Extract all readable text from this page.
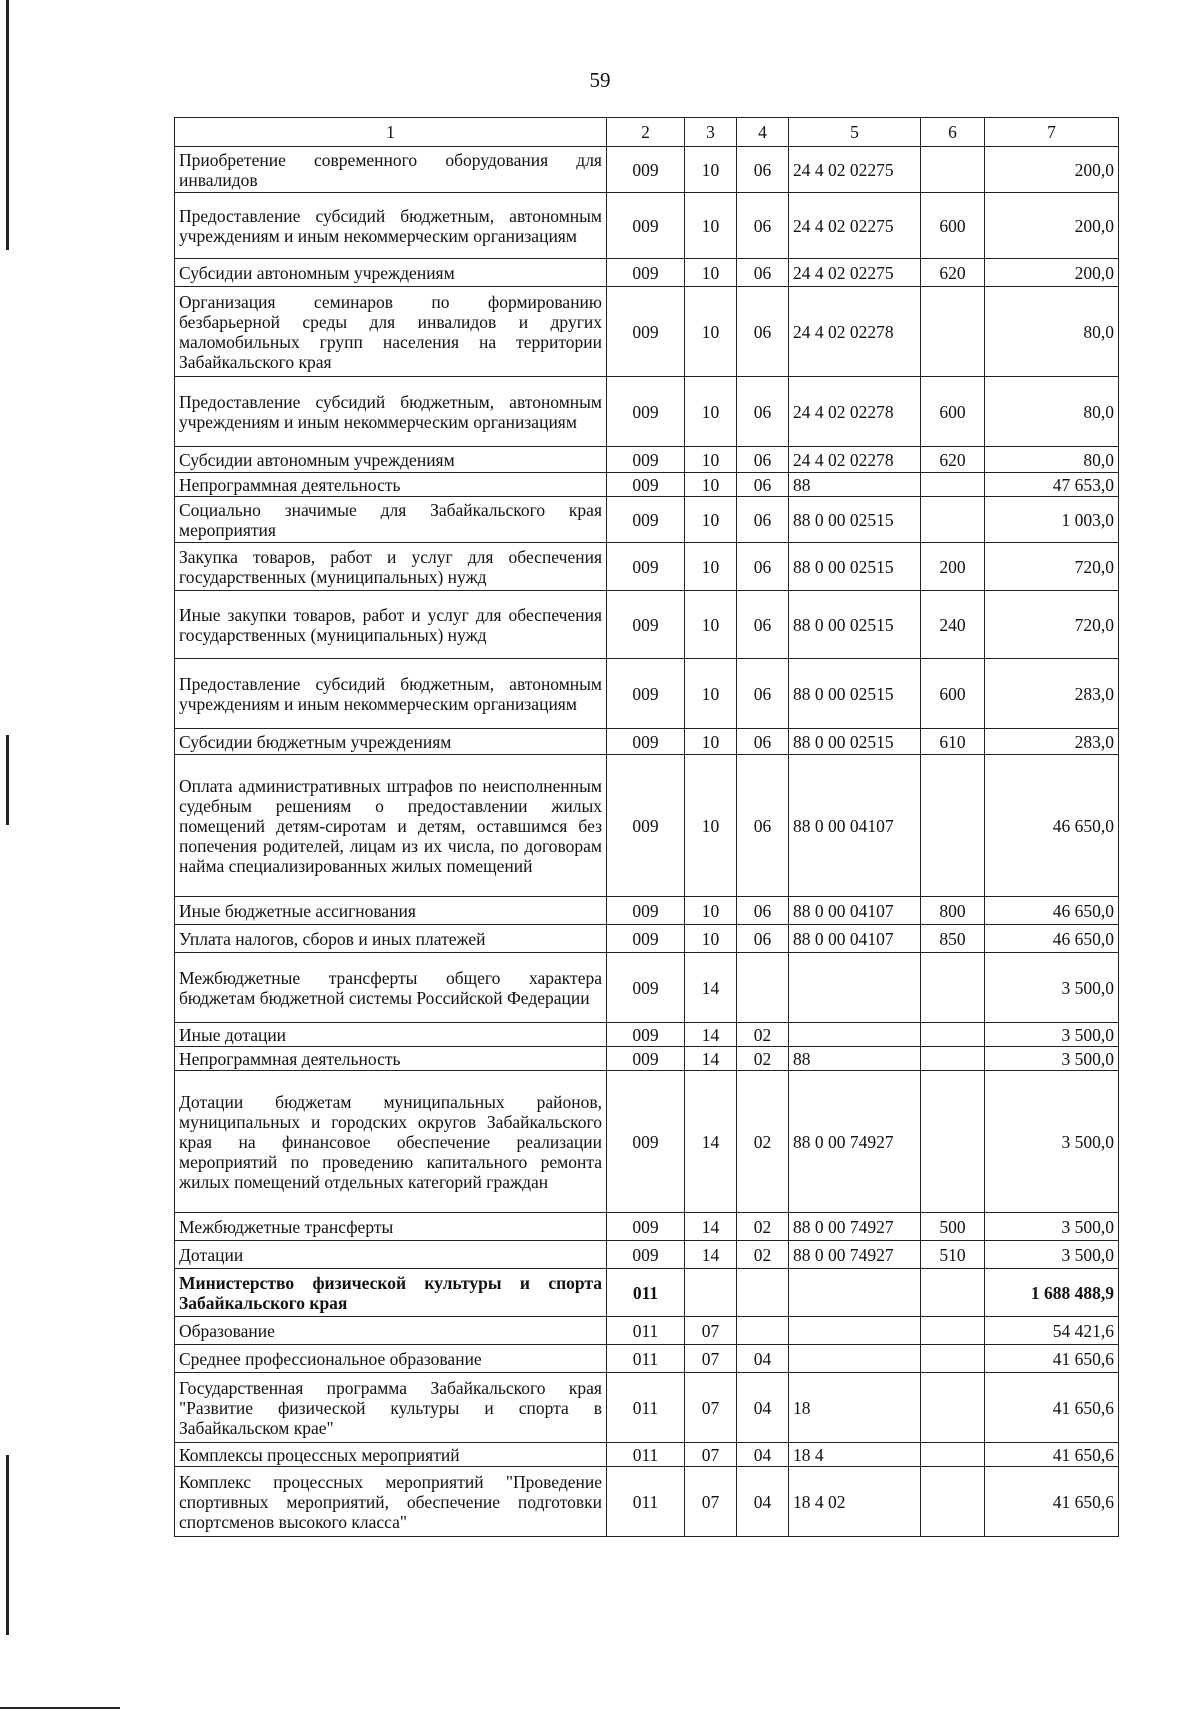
59
1	2	3	4	5	6	7
Приобретение современного оборудования для инвалидов	009	10	06	24 4 02 02275		200,0
Предоставление субсидий бюджетным, автономным учреждениям и иным некоммерческим организациям	009	10	06	24 4 02 02275	600	200,0
Субсидии автономным учреждениям	009	10	06	24 4 02 02275	620	200,0
Организация семинаров по формированию безбарьерной среды для инвалидов и других маломобильных групп населения на территории Забайкальского края	009	10	06	24 4 02 02278		80,0
Предоставление субсидий бюджетным, автономным учреждениям и иным некоммерческим организациям	009	10	06	24 4 02 02278	600	80,0
Субсидии автономным учреждениям	009	10	06	24 4 02 02278	620	80,0
Непрограммная деятельность	009	10	06	88		47 653,0
Социально значимые для Забайкальского края мероприятия	009	10	06	88 0 00 02515		1 003,0
Закупка товаров, работ и услуг для обеспечения государственных (муниципальных) нужд	009	10	06	88 0 00 02515	200	720,0
Иные закупки товаров, работ и услуг для обеспечения государственных (муниципальных) нужд	009	10	06	88 0 00 02515	240	720,0
Предоставление субсидий бюджетным, автономным учреждениям и иным некоммерческим организациям	009	10	06	88 0 00 02515	600	283,0
Субсидии бюджетным учреждениям	009	10	06	88 0 00 02515	610	283,0
Оплата административных штрафов по неисполненным судебным решениям о предоставлении жилых помещений детям-сиротам и детям, оставшимся без попечения родителей, лицам из их числа, по договорам найма специализированных жилых помещений	009	10	06	88 0 00 04107		46 650,0
Иные бюджетные ассигнования	009	10	06	88 0 00 04107	800	46 650,0
Уплата налогов, сборов и иных платежей	009	10	06	88 0 00 04107	850	46 650,0
Межбюджетные трансферты общего характера бюджетам бюджетной системы Российской Федерации	009	14				3 500,0
Иные дотации	009	14	02			3 500,0
Непрограммная деятельность	009	14	02	88		3 500,0
Дотации бюджетам муниципальных районов, муниципальных и городских округов Забайкальского края на финансовое обеспечение реализации мероприятий по проведению капитального ремонта жилых помещений отдельных категорий граждан	009	14	02	88 0 00 74927		3 500,0
Межбюджетные трансферты	009	14	02	88 0 00 74927	500	3 500,0
Дотации	009	14	02	88 0 00 74927	510	3 500,0
Министерство физической культуры и спорта Забайкальского края	011					1 688 488,9
Образование	011	07				54 421,6
Среднее профессиональное образование	011	07	04			41 650,6
Государственная программа Забайкальского края "Развитие физической культуры и спорта в Забайкальском крае"	011	07	04	18		41 650,6
Комплексы процессных мероприятий	011	07	04	18 4		41 650,6
Комплекс процессных мероприятий "Проведение спортивных мероприятий, обеспечение подготовки спортсменов высокого класса"	011	07	04	18 4 02		41 650,6
